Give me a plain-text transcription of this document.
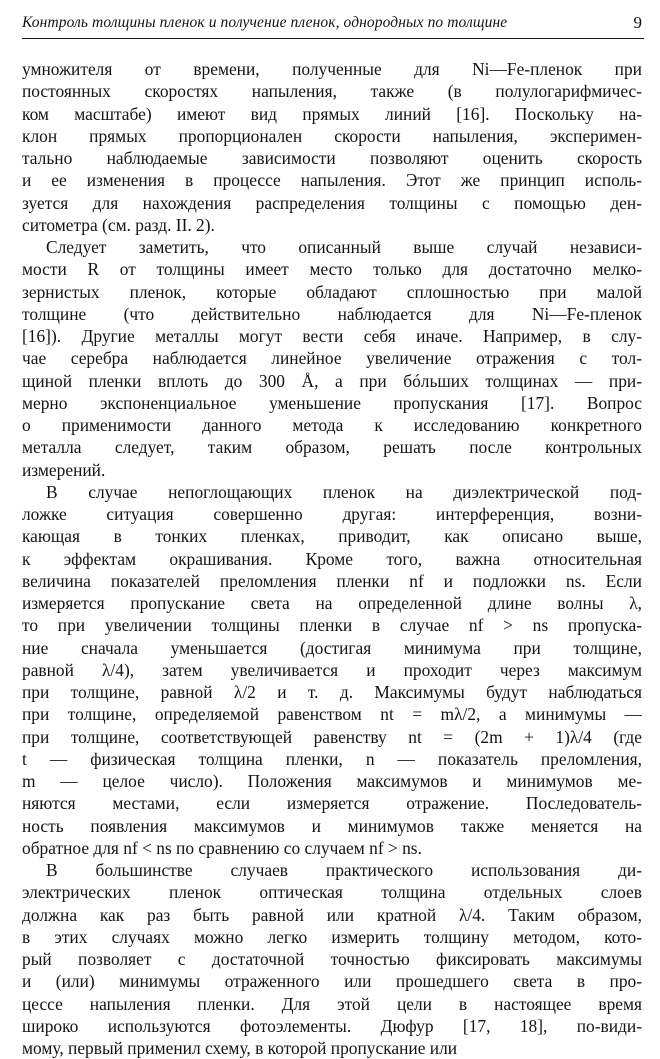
Контроль толщины пленок и получение пленок, однородных по толщине	9
умножителя от времени, полученные для Ni—Fe-пленок при
постоянных скоростях напыления, также (в полулогарифмичес-
ком масштабе) имеют вид прямых линий [16]. Поскольку на-
клон прямых пропорционален скорости напыления, эксперимен-
тально наблюдаемые зависимости позволяют оценить скорость
и ее изменения в процессе напыления. Этот же принцип исполь-
зуется для нахождения распределения толщины с помощью ден-
ситометра (см. разд. II. 2).
Следует заметить, что описанный выше случай независи-
мости R от толщины имеет место только для достаточно мелко-
зернистых пленок, которые обладают сплошностью при малой
толщине (что действительно наблюдается для Ni—Fe-пленок
[16]). Другие металлы могут вести себя иначе. Например, в слу-
чае серебра наблюдается линейное увеличение отражения с тол-
щиной пленки вплоть до 300 Å, а при бóльших толщинах — при-
мерно экспоненциальное уменьшение пропускания [17]. Вопрос
о применимости данного метода к исследованию конкретного
металла следует, таким образом, решать после контрольных
измерений.
В случае непоглощающих пленок на диэлектрической под-
ложке ситуация совершенно другая: интерференция, возни-
кающая в тонких пленках, приводит, как описано выше,
к эффектам окрашивания. Кроме того, важна относительная
величина показателей преломления пленки nf и подложки ns. Если
измеряется пропускание света на определенной длине волны λ,
то при увеличении толщины пленки в случае nf > ns пропуска-
ние сначала уменьшается (достигая минимума при толщине,
равной λ/4), затем увеличивается и проходит через максимум
при толщине, равной λ/2 и т. д. Максимумы будут наблюдаться
при толщине, определяемой равенством nt = mλ/2, а минимумы —
при толщине, соответствующей равенству nt = (2m + 1)λ/4 (где
t — физическая толщина пленки, n — показатель преломления,
m — целое число). Положения максимумов и минимумов ме-
няются местами, если измеряется отражение. Последователь-
ность появления максимумов и минимумов также меняется на
обратное для nf < ns по сравнению со случаем nf > ns.
В большинстве случаев практического использования ди-
электрических пленок оптическая толщина отдельных слоев
должна как раз быть равной или кратной λ/4. Таким образом,
в этих случаях можно легко измерить толщину методом, кото-
рый позволяет с достаточной точностью фиксировать максимумы
и (или) минимумы отраженного или прошедшего света в про-
цессе напыления пленки. Для этой цели в настоящее время
широко используются фотоэлементы. Дюфур [17, 18], по-види-
мому, первый применил схему, в которой пропускание или
